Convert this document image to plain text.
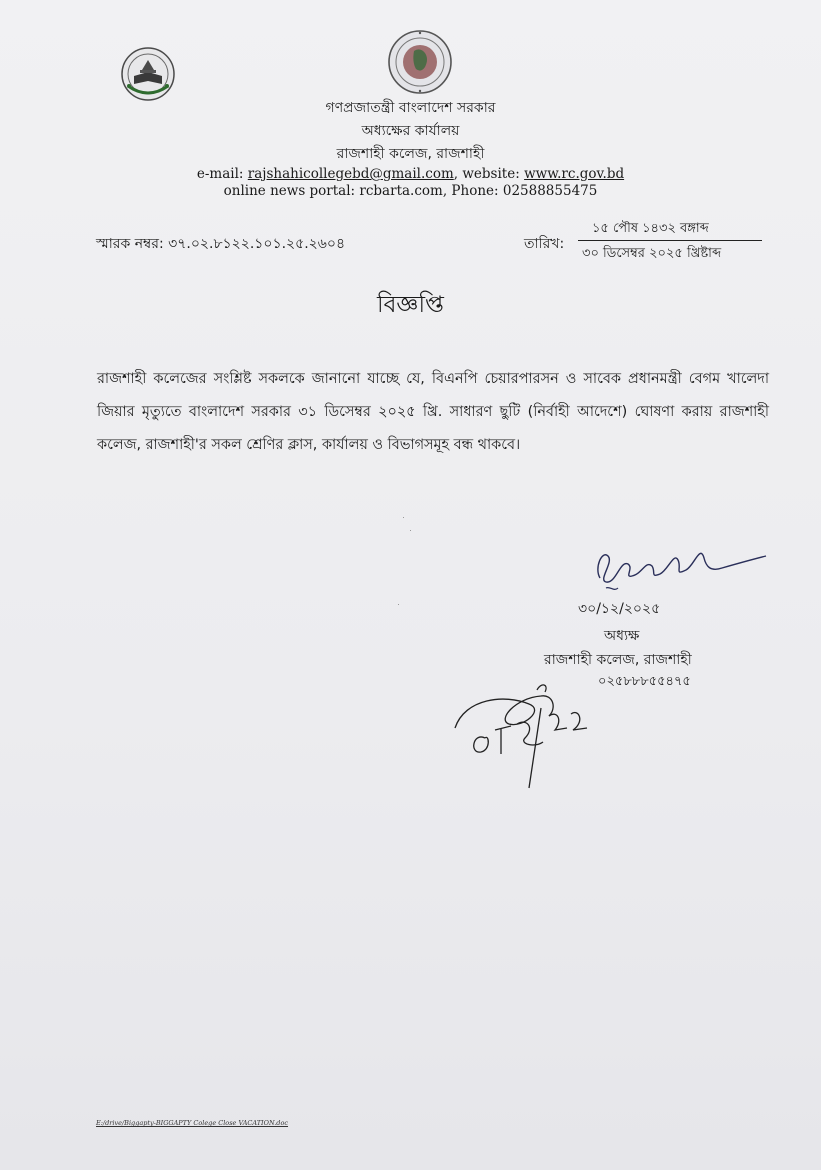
গণপ্রজাতন্ত্রী বাংলাদেশ সরকার
অধ্যক্ষের কার্যালয়
রাজশাহী কলেজ, রাজশাহী
e-mail: rajshahicollegebd@gmail.com, website: www.rc.gov.bd
online news portal: rcbarta.com, Phone: 02588855475
স্মারক নম্বর: ৩৭.০২.৮১২২.১০১.২৫.২৬০৪	তারিখ:
১৫ পৌষ ১৪৩২ বঙ্গাব্দ
৩০ ডিসেম্বর ২০২৫ খ্রিষ্টাব্দ
বিজ্ঞপ্তি
রাজশাহী কলেজের সংশ্লিষ্ট সকলকে জানানো যাচ্ছে যে, বিএনপি চেয়ারপারসন ও সাবেক প্রধানমন্ত্রী বেগম খালেদা জিয়ার মৃত্যুতে বাংলাদেশ সরকার ৩১ ডিসেম্বর ২০২৫ খ্রি. সাধারণ ছুটি (নির্বাহী আদেশে) ঘোষণা করায় রাজশাহী কলেজ, রাজশাহী'র সকল শ্রেণির ক্লাস, কার্যালয় ও বিভাগসমূহ বন্ধ থাকবে।
৩০/১২/২০২৫
অধ্যক্ষ
রাজশাহী কলেজ, রাজশাহী
০২৫৮৮৮৫৫৪৭৫
E:/drive/Biggapty-BIGGAPTY Colege Close VACATION.doc
